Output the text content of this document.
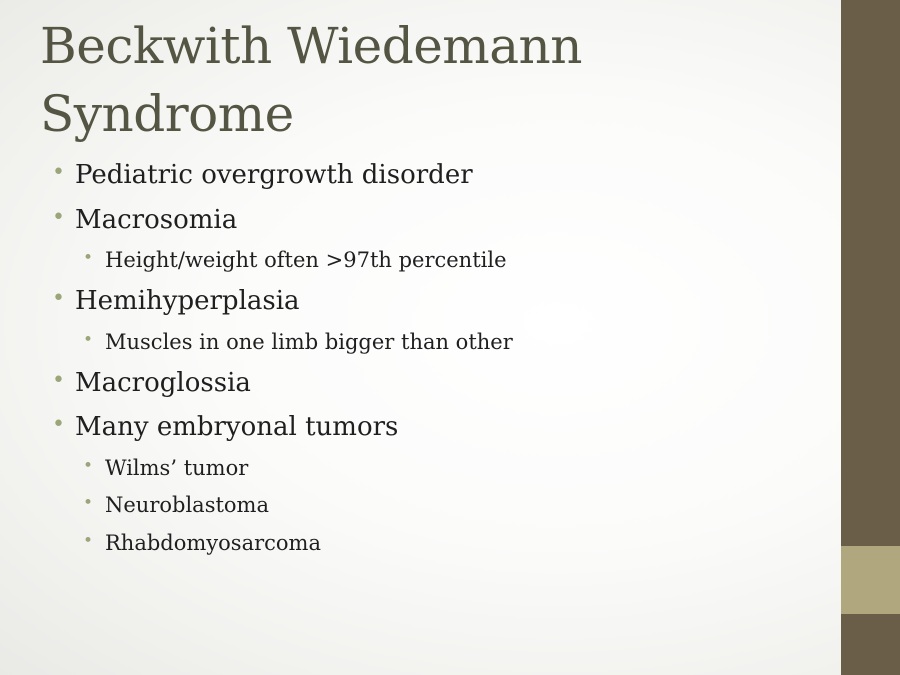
Beckwith Wiedemann
Syndrome
• Pediatric overgrowth disorder
• Macrosomia
• Height/weight often >97th percentile
• Hemihyperplasia
• Muscles in one limb bigger than other
• Macroglossia
• Many embryonal tumors
• Wilms’ tumor
• Neuroblastoma
• Rhabdomyosarcoma
